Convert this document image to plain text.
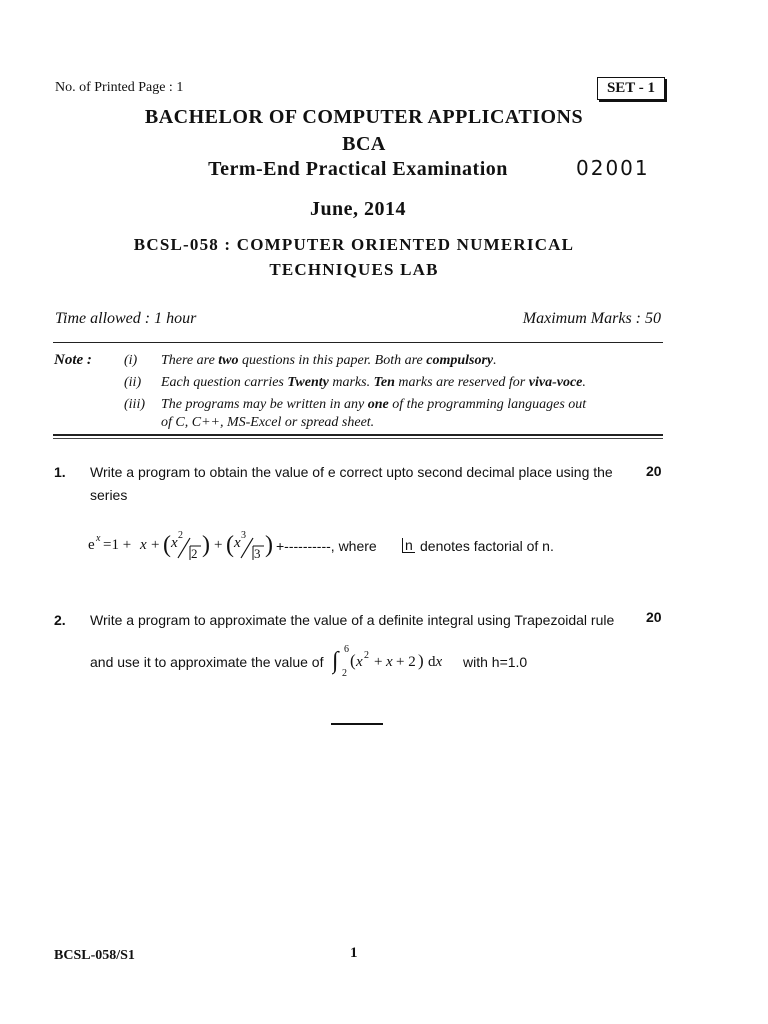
No. of Printed Page : 1	SET - 1
BACHELOR OF COMPUTER APPLICATIONS
BCA
Term-End Practical Examination	02001
June, 2014
BCSL-058 : COMPUTER ORIENTED NUMERICAL
TECHNIQUES LAB
Time allowed : 1 hour	Maximum Marks : 50
Note : (i) There are two questions in this paper. Both are compulsory.
(ii) Each question carries Twenty marks. Ten marks are reserved for viva-voce.
(iii) The programs may be written in any one of the programming languages out
of C, C++, MS-Excel or spread sheet.
1. Write a program to obtain the value of e correct upto second decimal place using the 20
series
e x =1 + x + ( x 2
2 ) + ( x 3
3 ) +----------, where n denotes factorial of n.
2. Write a program to approximate the value of a definite integral using Trapezoidal rule 20
and use it to approximate the value of ∫ 6
2
( x 2 + x + 2 ) dx with h=1.0
BCSL-058/S1	1
